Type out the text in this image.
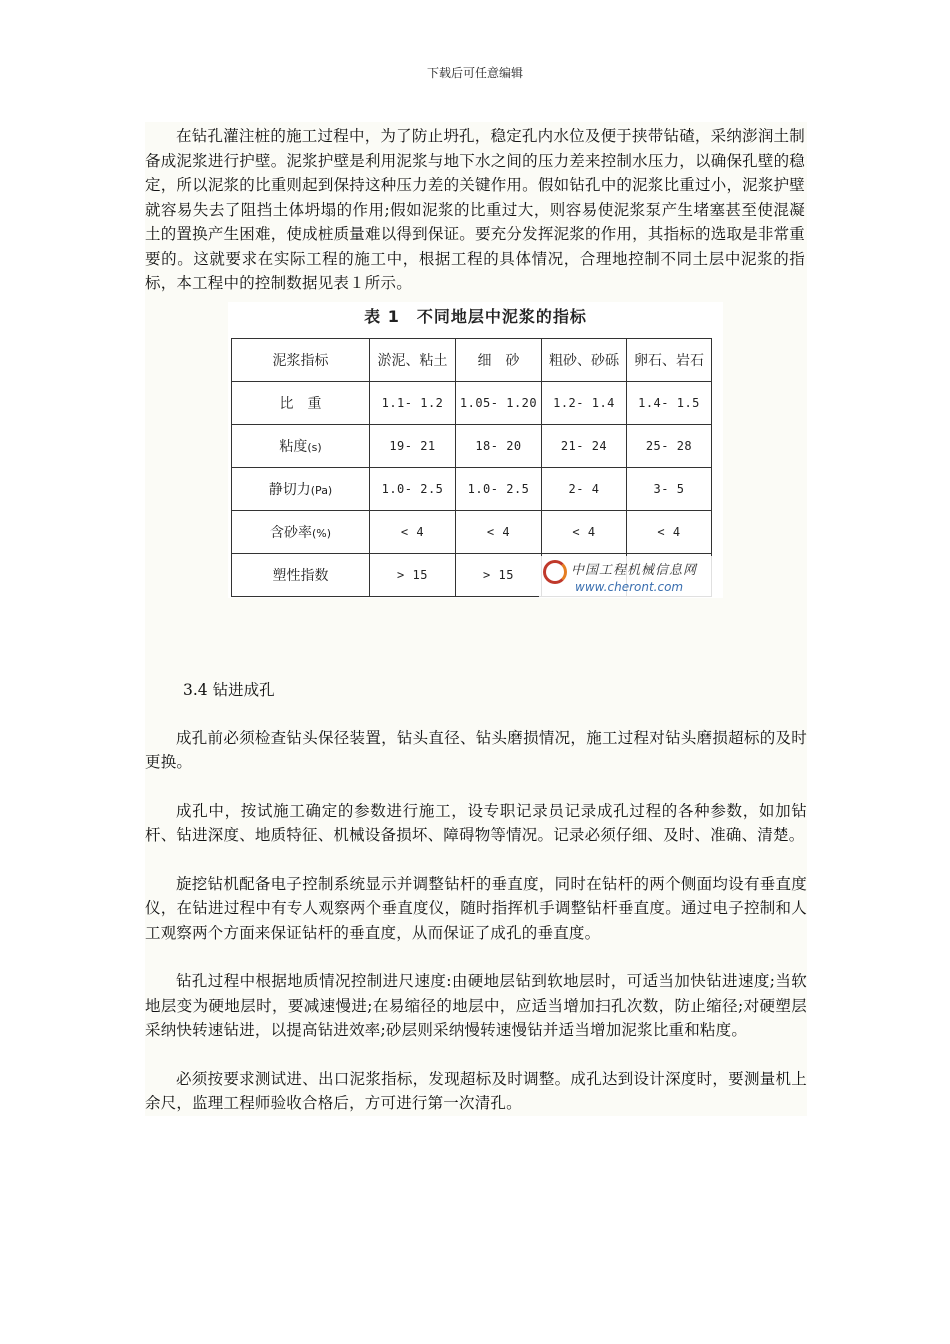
下载后可任意编辑

在钻孔灌注桩的施工过程中，为了防止坍孔，稳定孔内水位及便于挟带钻碴，采纳澎润土制备成泥浆进行护壁。泥浆护壁是利用泥浆与地下水之间的压力差来控制水压力，以确保孔壁的稳定，所以泥浆的比重则起到保持这种压力差的关键作用。假如钻孔中的泥浆比重过小，泥浆护壁就容易失去了阻挡土体坍塌的作用;假如泥浆的比重过大，则容易使泥浆泵产生堵塞甚至使混凝土的置换产生困难，使成桩质量难以得到保证。要充分发挥泥浆的作用，其指标的选取是非常重要的。这就要求在实际工程的施工中，根据工程的具体情况，合理地控制不同土层中泥浆的指标，本工程中的控制数据见表１所示。

表 1　不同地层中泥浆的指标
泥浆指标	淤泥、粘土	细　砂	粗砂、砂砾	卵石、岩石
比　重	1.1- 1.2	1.05- 1.20	1.2- 1.4	1.4- 1.5
粘度(s)	19- 21	18- 20	21- 24	25- 28
静切力(Pa)	1.0- 2.5	1.0- 2.5	2- 4	3- 5
含砂率(%)	< 4	< 4	< 4	< 4
塑性指数	> 15	> 15			中国工程机械信息网
www.cheront.com

3.4 钻进成孔

成孔前必须检查钻头保径装置，钻头直径、钻头磨损情况，施工过程对钻头磨损超标的及时更换。

成孔中，按试施工确定的参数进行施工，设专职记录员记录成孔过程的各种参数，如加钻杆、钻进深度、地质特征、机械设备损坏、障碍物等情况。记录必须仔细、及时、准确、清楚。

旋挖钻机配备电子控制系统显示并调整钻杆的垂直度，同时在钻杆的两个侧面均设有垂直度仪，在钻进过程中有专人观察两个垂直度仪，随时指挥机手调整钻杆垂直度。通过电子控制和人工观察两个方面来保证钻杆的垂直度，从而保证了成孔的垂直度。

钻孔过程中根据地质情况控制进尺速度:由硬地层钻到软地层时，可适当加快钻进速度;当软地层变为硬地层时，要减速慢进;在易缩径的地层中，应适当增加扫孔次数，防止缩径;对硬塑层采纳快转速钻进，以提高钻进效率;砂层则采纳慢转速慢钻并适当增加泥浆比重和粘度。

必须按要求测试进、出口泥浆指标，发现超标及时调整。成孔达到设计深度时，要测量机上余尺，监理工程师验收合格后，方可进行第一次清孔。
